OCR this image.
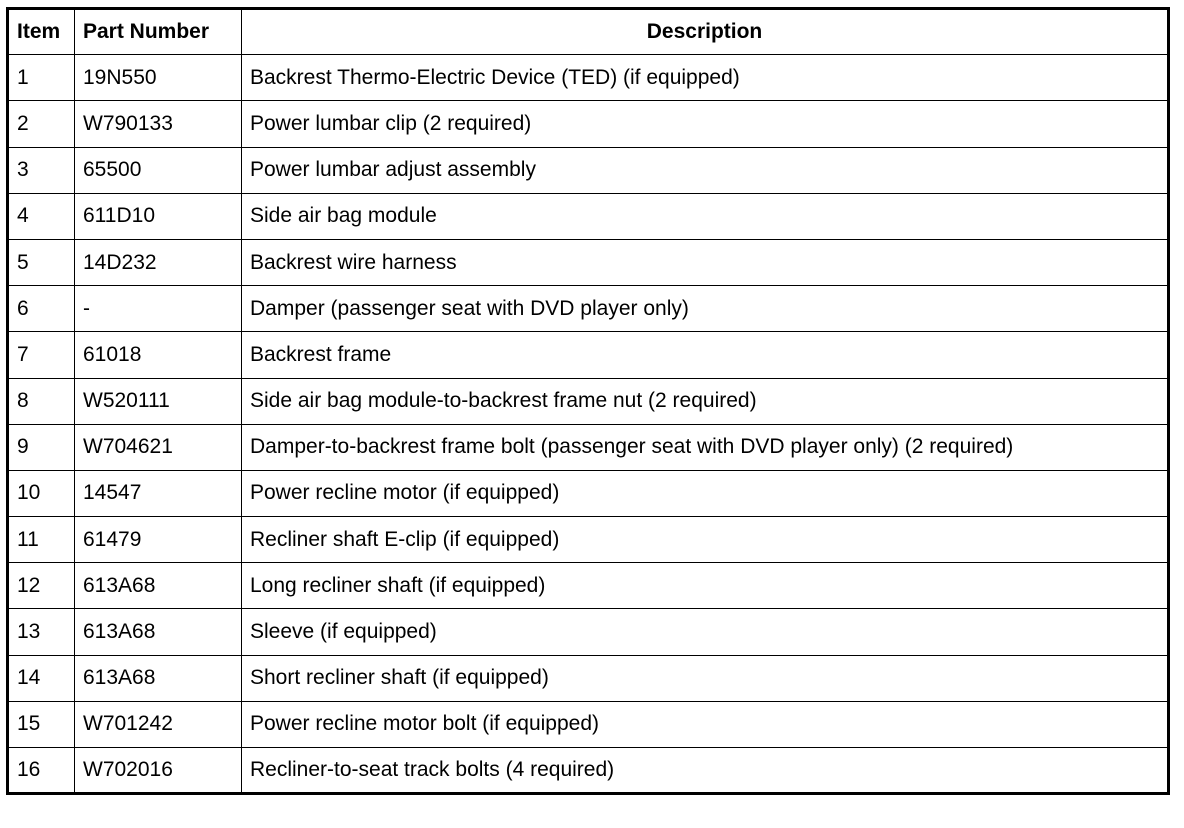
Item	Part Number	Description
1	19N550	Backrest Thermo-Electric Device (TED) (if equipped)
2	W790133	Power lumbar clip (2 required)
3	65500	Power lumbar adjust assembly
4	611D10	Side air bag module
5	14D232	Backrest wire harness
6	-	Damper (passenger seat with DVD player only)
7	61018	Backrest frame
8	W520111	Side air bag module-to-backrest frame nut (2 required)
9	W704621	Damper-to-backrest frame bolt (passenger seat with DVD player only) (2 required)
10	14547	Power recline motor (if equipped)
11	61479	Recliner shaft E-clip (if equipped)
12	613A68	Long recliner shaft (if equipped)
13	613A68	Sleeve (if equipped)
14	613A68	Short recliner shaft (if equipped)
15	W701242	Power recline motor bolt (if equipped)
16	W702016	Recliner-to-seat track bolts (4 required)
